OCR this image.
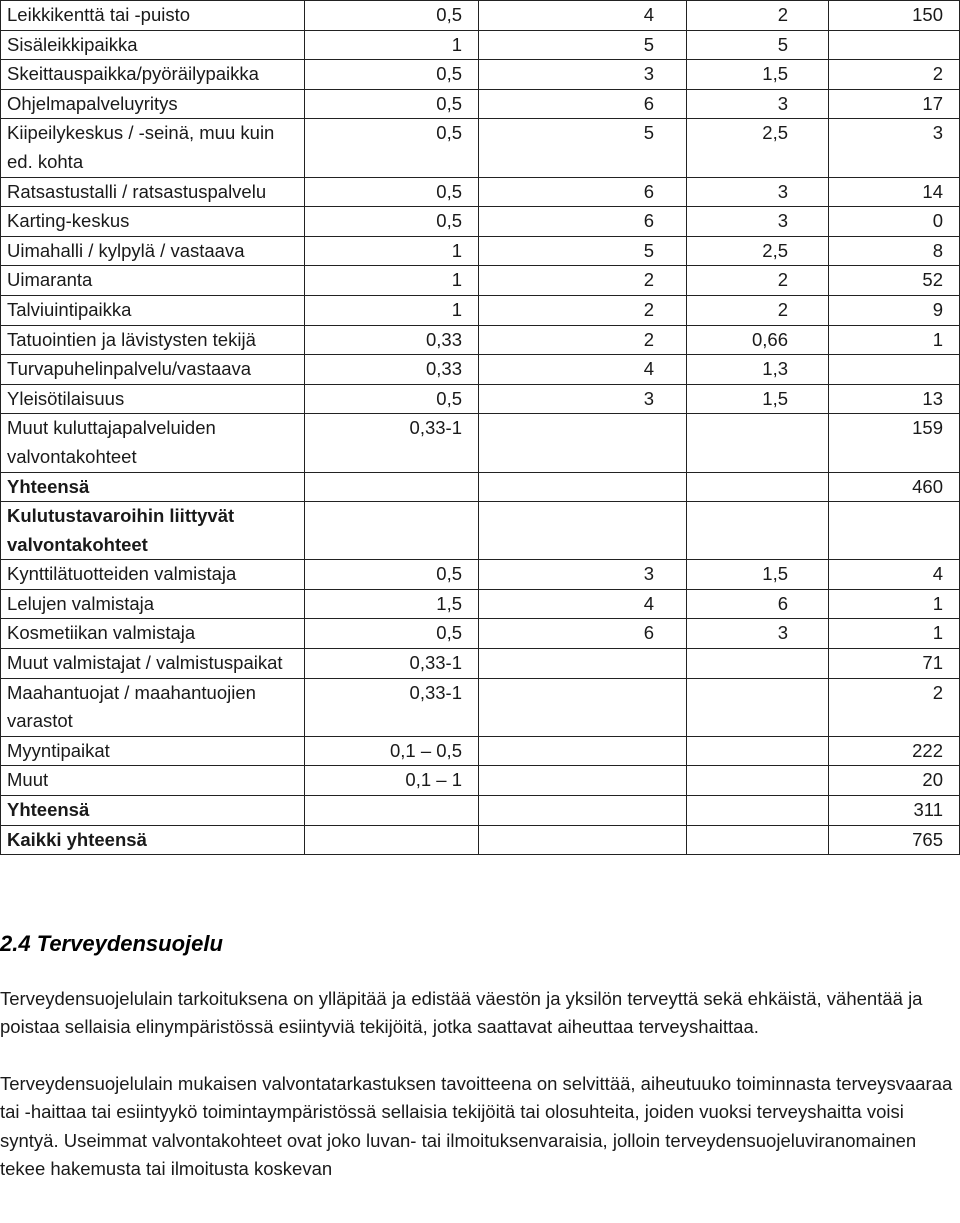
Leikkikenttä tai -puisto	0,5	4	2	150
Sisäleikkipaikka	1	5	5	
Skeittauspaikka/pyöräilypaikka	0,5	3	1,5	2
Ohjelmapalveluyritys	0,5	6	3	17
Kiipeilykeskus / -seinä, muu kuin ed. kohta	0,5	5	2,5	3
Ratsastustalli / ratsastuspalvelu	0,5	6	3	14
Karting-keskus	0,5	6	3	0
Uimahalli / kylpylä / vastaava	1	5	2,5	8
Uimaranta	1	2	2	52
Talviuintipaikka	1	2	2	9
Tatuointien ja lävistysten tekijä	0,33	2	0,66	1
Turvapuhelinpalvelu/vastaava	0,33	4	1,3	
Yleisötilaisuus	0,5	3	1,5	13
Muut kuluttajapalveluiden valvontakohteet	0,33-1			159
Yhteensä				460
Kulutustavaroihin liittyvät valvontakohteet				
Kynttilätuotteiden valmistaja	0,5	3	1,5	4
Lelujen valmistaja	1,5	4	6	1
Kosmetiikan valmistaja	0,5	6	3	1
Muut valmistajat / valmistuspaikat	0,33-1			71
Maahantuojat / maahantuojien varastot	0,33-1			2
Myyntipaikat	0,1 – 0,5			222
Muut	0,1 – 1			20
Yhteensä				311
Kaikki yhteensä				765
2.4 Terveydensuojelu

Terveydensuojelulain tarkoituksena on ylläpitää ja edistää väestön ja yksilön terveyttä sekä ehkäistä, vähentää ja poistaa sellaisia elinympäristössä esiintyviä tekijöitä, jotka saattavat aiheuttaa terveyshaittaa.

Terveydensuojelulain mukaisen valvontatarkastuksen tavoitteena on selvittää, aiheutuuko toiminnasta terveysvaaraa tai -haittaa tai esiintyykö toimintaympäristössä sellaisia tekijöitä tai olosuhteita, joiden vuoksi terveyshaitta voisi syntyä. Useimmat valvontakohteet ovat joko luvan- tai ilmoituksenvaraisia, jolloin terveydensuojeluviranomainen tekee hakemusta tai ilmoitusta koskevan
